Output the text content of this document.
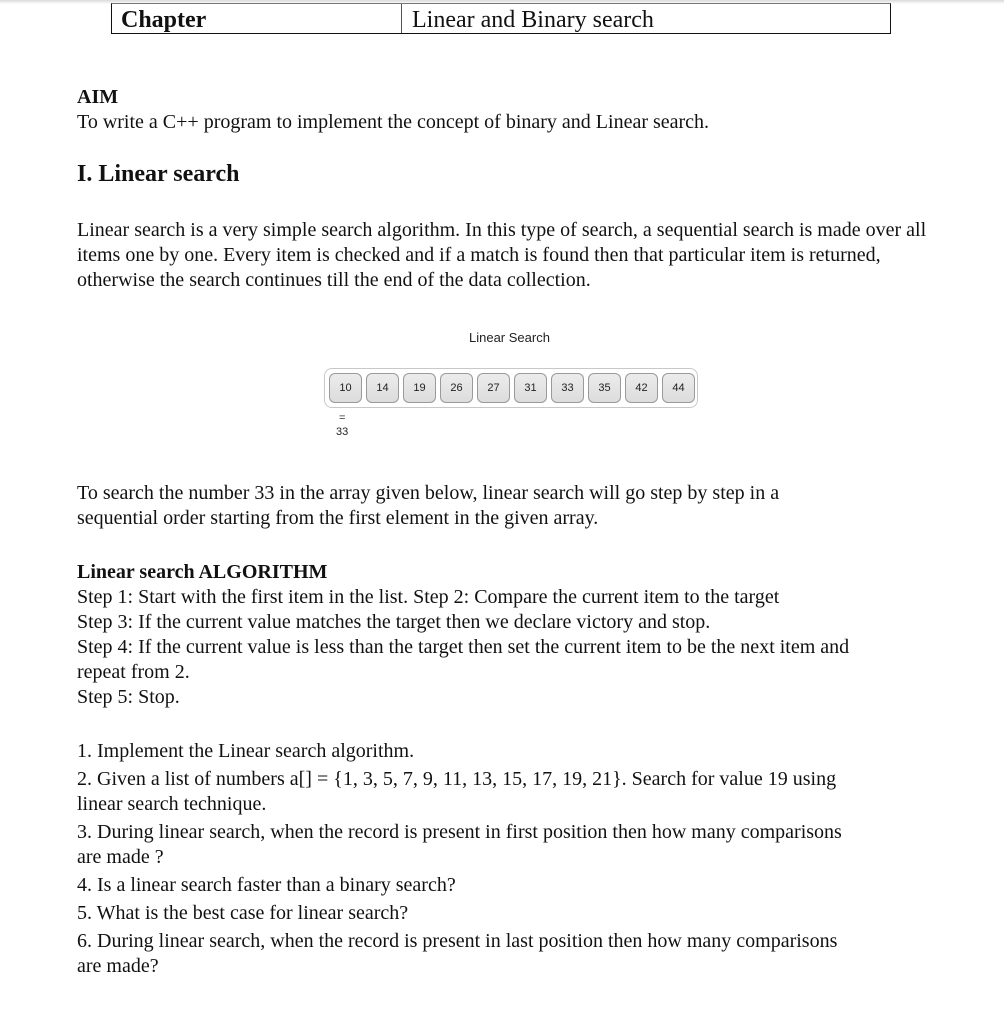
Chapter	Linear and Binary search
AIM
To write a C++ program to implement the concept of binary and Linear search.
I. Linear search
Linear search is a very simple search algorithm. In this type of search, a sequential search is made over all items one by one. Every item is checked and if a match is found then that particular item is returned, otherwise the search continues till the end of the data collection.
Linear Search
10	14	19	26	27	31	33	35	42	44
=
33
To search the number 33 in the array given below, linear search will go step by step in a
sequential order starting from the first element in the given array.
Linear search ALGORITHM
Step 1: Start with the first item in the list. Step 2: Compare the current item to the target
Step 3: If the current value matches the target then we declare victory and stop.
Step 4: If the current value is less than the target then set the current item to be the next item and
repeat from 2.
Step 5: Stop.
1. Implement the Linear search algorithm.
2. Given a list of numbers a[] = {1, 3, 5, 7, 9, 11, 13, 15, 17, 19, 21}. Search for value 19 using
linear search technique.
3. During linear search, when the record is present in first position then how many comparisons
are made ?
4. Is a linear search faster than a binary search?
5. What is the best case for linear search?
6. During linear search, when the record is present in last position then how many comparisons
are made?
